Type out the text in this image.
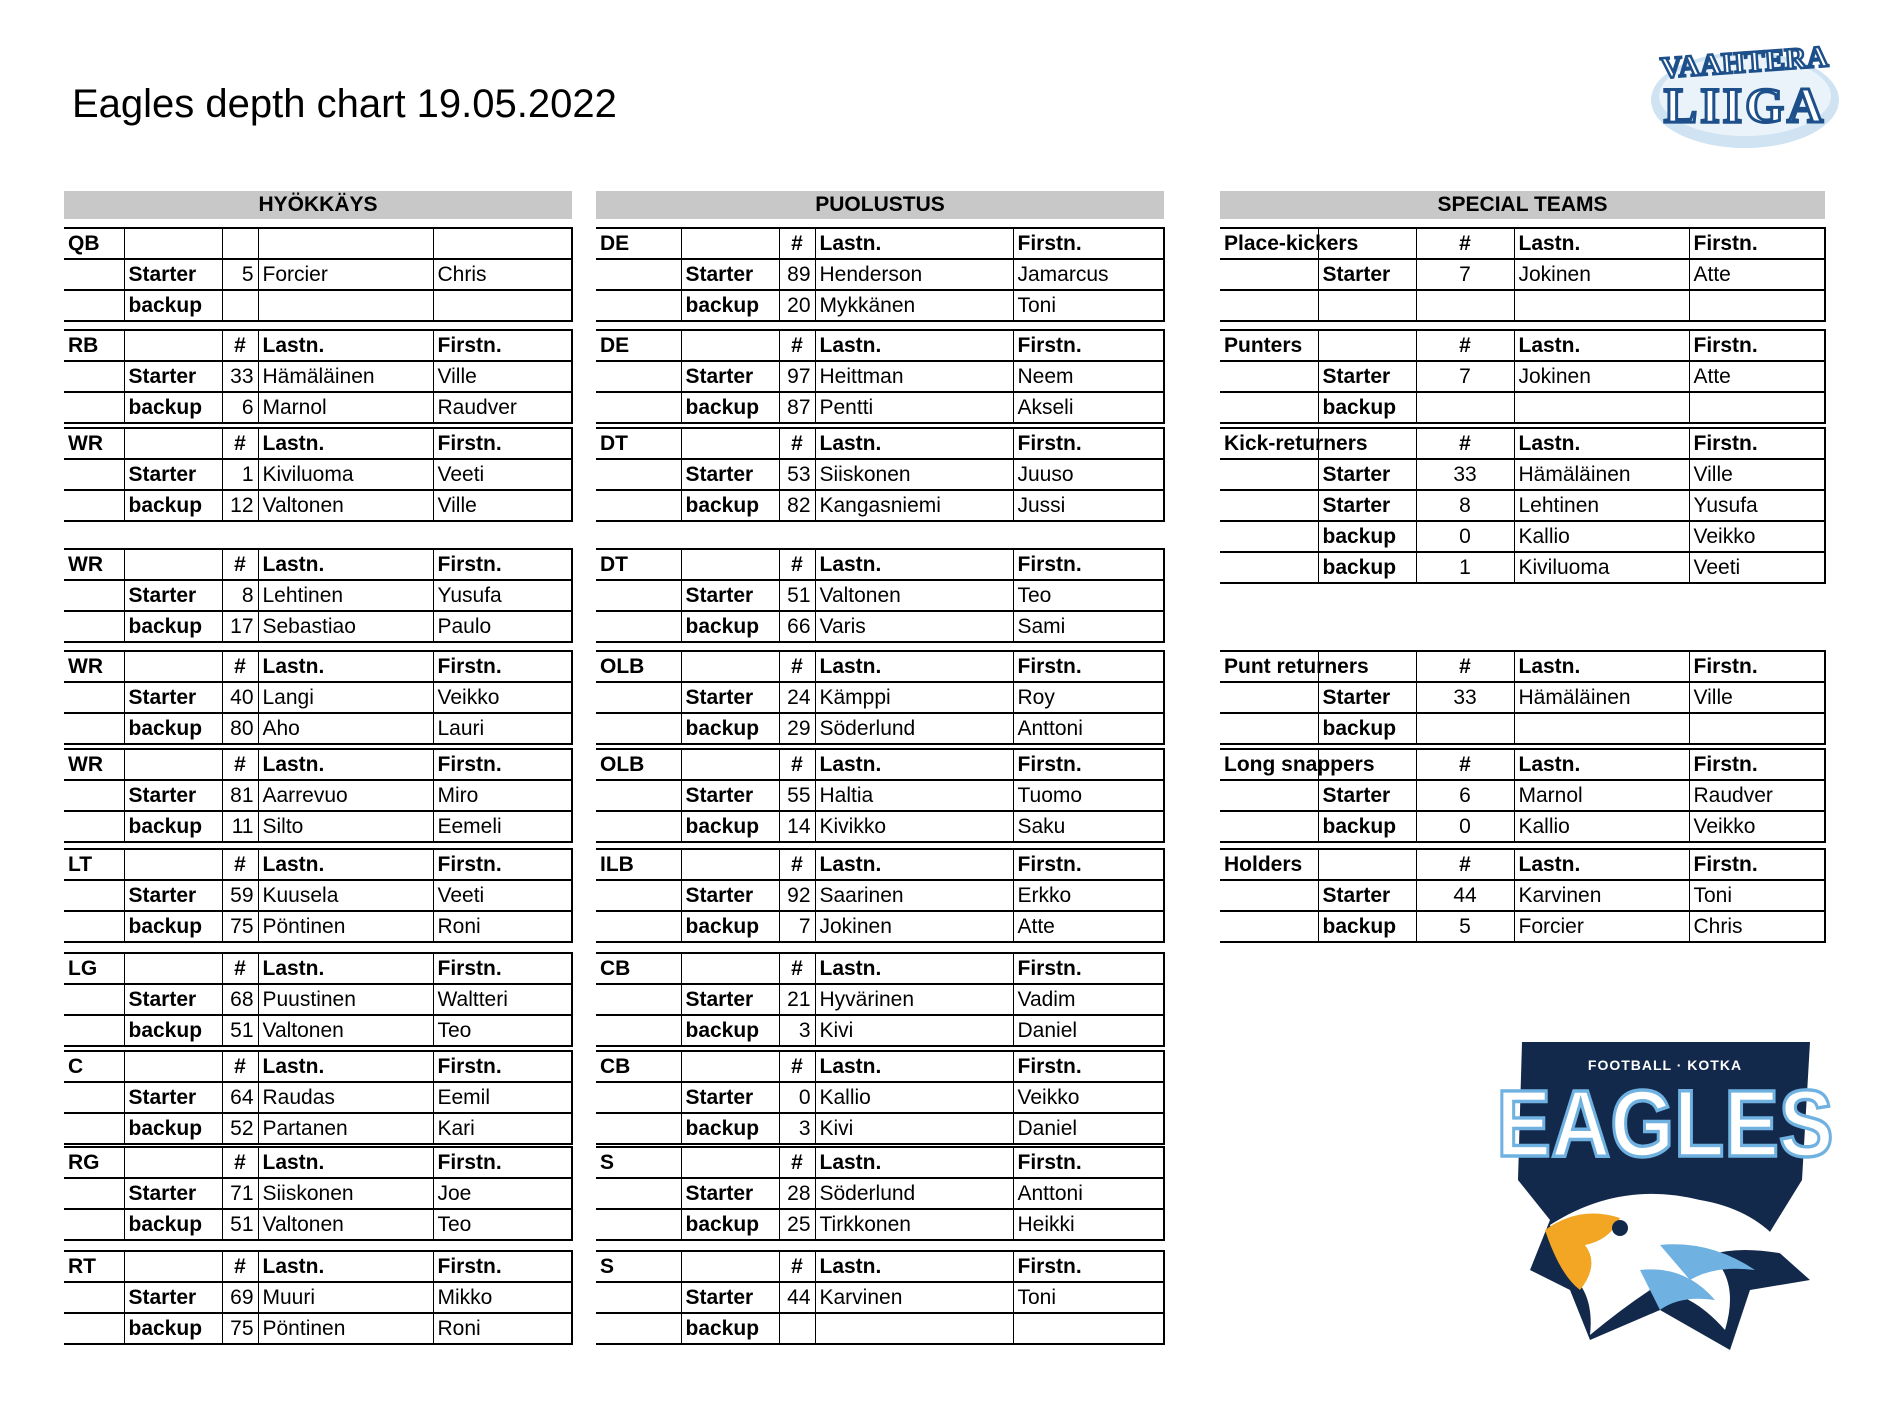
Eagles depth chart 19.05.2022
VAAHTERA
LIIGA
FOOTBALL · KOTKA
EAGLES
HYÖKKÄYS
QB				
	Starter	5	Forcier	Chris
	backup			
RB		#	Lastn.	Firstn.
	Starter	33	Hämäläinen	Ville
	backup	6	Marnol	Raudver
WR		#	Lastn.	Firstn.
	Starter	1	Kiviluoma	Veeti
	backup	12	Valtonen	Ville
WR		#	Lastn.	Firstn.
	Starter	8	Lehtinen	Yusufa
	backup	17	Sebastiao	Paulo
WR		#	Lastn.	Firstn.
	Starter	40	Langi	Veikko
	backup	80	Aho	Lauri
WR		#	Lastn.	Firstn.
	Starter	81	Aarrevuo	Miro
	backup	11	Silto	Eemeli
LT		#	Lastn.	Firstn.
	Starter	59	Kuusela	Veeti
	backup	75	Pöntinen	Roni
LG		#	Lastn.	Firstn.
	Starter	68	Puustinen	Waltteri
	backup	51	Valtonen	Teo
C		#	Lastn.	Firstn.
	Starter	64	Raudas	Eemil
	backup	52	Partanen	Kari
RG		#	Lastn.	Firstn.
	Starter	71	Siiskonen	Joe
	backup	51	Valtonen	Teo
RT		#	Lastn.	Firstn.
	Starter	69	Muuri	Mikko
	backup	75	Pöntinen	Roni
PUOLUSTUS
DE		#	Lastn.	Firstn.
	Starter	89	Henderson	Jamarcus
	backup	20	Mykkänen	Toni
DE		#	Lastn.	Firstn.
	Starter	97	Heittman	Neem
	backup	87	Pentti	Akseli
DT		#	Lastn.	Firstn.
	Starter	53	Siiskonen	Juuso
	backup	82	Kangasniemi	Jussi
DT		#	Lastn.	Firstn.
	Starter	51	Valtonen	Teo
	backup	66	Varis	Sami
OLB		#	Lastn.	Firstn.
	Starter	24	Kämppi	Roy
	backup	29	Söderlund	Anttoni
OLB		#	Lastn.	Firstn.
	Starter	55	Haltia	Tuomo
	backup	14	Kivikko	Saku
ILB		#	Lastn.	Firstn.
	Starter	92	Saarinen	Erkko
	backup	7	Jokinen	Atte
CB		#	Lastn.	Firstn.
	Starter	21	Hyvärinen	Vadim
	backup	3	Kivi	Daniel
CB		#	Lastn.	Firstn.
	Starter	0	Kallio	Veikko
	backup	3	Kivi	Daniel
S		#	Lastn.	Firstn.
	Starter	28	Söderlund	Anttoni
	backup	25	Tirkkonen	Heikki
S		#	Lastn.	Firstn.
	Starter	44	Karvinen	Toni
	backup			
SPECIAL TEAMS
Place-kickers		#	Lastn.	Firstn.
	Starter	7	Jokinen	Atte

Punters		#	Lastn.	Firstn.
	Starter	7	Jokinen	Atte
	backup			
Kick-returners		#	Lastn.	Firstn.
	Starter	33	Hämäläinen	Ville
	Starter	8	Lehtinen	Yusufa
	backup	0	Kallio	Veikko
	backup	1	Kiviluoma	Veeti
Punt returners		#	Lastn.	Firstn.
	Starter	33	Hämäläinen	Ville
	backup			
Long snappers		#	Lastn.	Firstn.
	Starter	6	Marnol	Raudver
	backup	0	Kallio	Veikko
Holders		#	Lastn.	Firstn.
	Starter	44	Karvinen	Toni
	backup	5	Forcier	Chris
